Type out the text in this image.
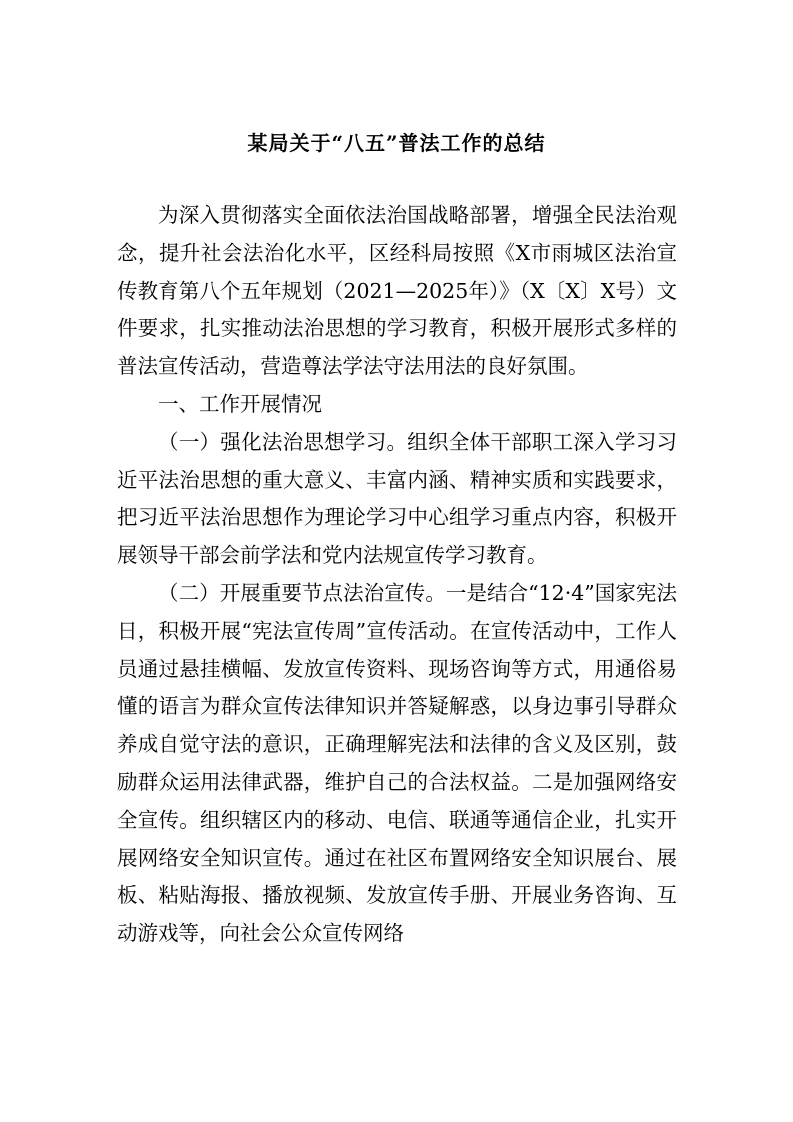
某局关于“八五”普法工作的总结

为深入贯彻落实全面依法治国战略部署，增强全民法治观念，提升社会法治化水平，区经科局按照《X市雨城区法治宣传教育第八个五年规划（2021—2025年）》（X〔X〕X号）文件要求，扎实推动法治思想的学习教育，积极开展形式多样的普法宣传活动，营造尊法学法守法用法的良好氛围。

一、工作开展情况

（一）强化法治思想学习。组织全体干部职工深入学习习近平法治思想的重大意义、丰富内涵、精神实质和实践要求，把习近平法治思想作为理论学习中心组学习重点内容，积极开展领导干部会前学法和党内法规宣传学习教育。

（二）开展重要节点法治宣传。一是结合“12·4”国家宪法日，积极开展“宪法宣传周”宣传活动。在宣传活动中，工作人员通过悬挂横幅、发放宣传资料、现场咨询等方式，用通俗易懂的语言为群众宣传法律知识并答疑解惑，以身边事引导群众养成自觉守法的意识，正确理解宪法和法律的含义及区别，鼓励群众运用法律武器，维护自己的合法权益。二是加强网络安全宣传。组织辖区内的移动、电信、联通等通信企业，扎实开展网络安全知识宣传。通过在社区布置网络安全知识展台、展板、粘贴海报、播放视频、发放宣传手册、开展业务咨询、互动游戏等，向社会公众宣传网络
